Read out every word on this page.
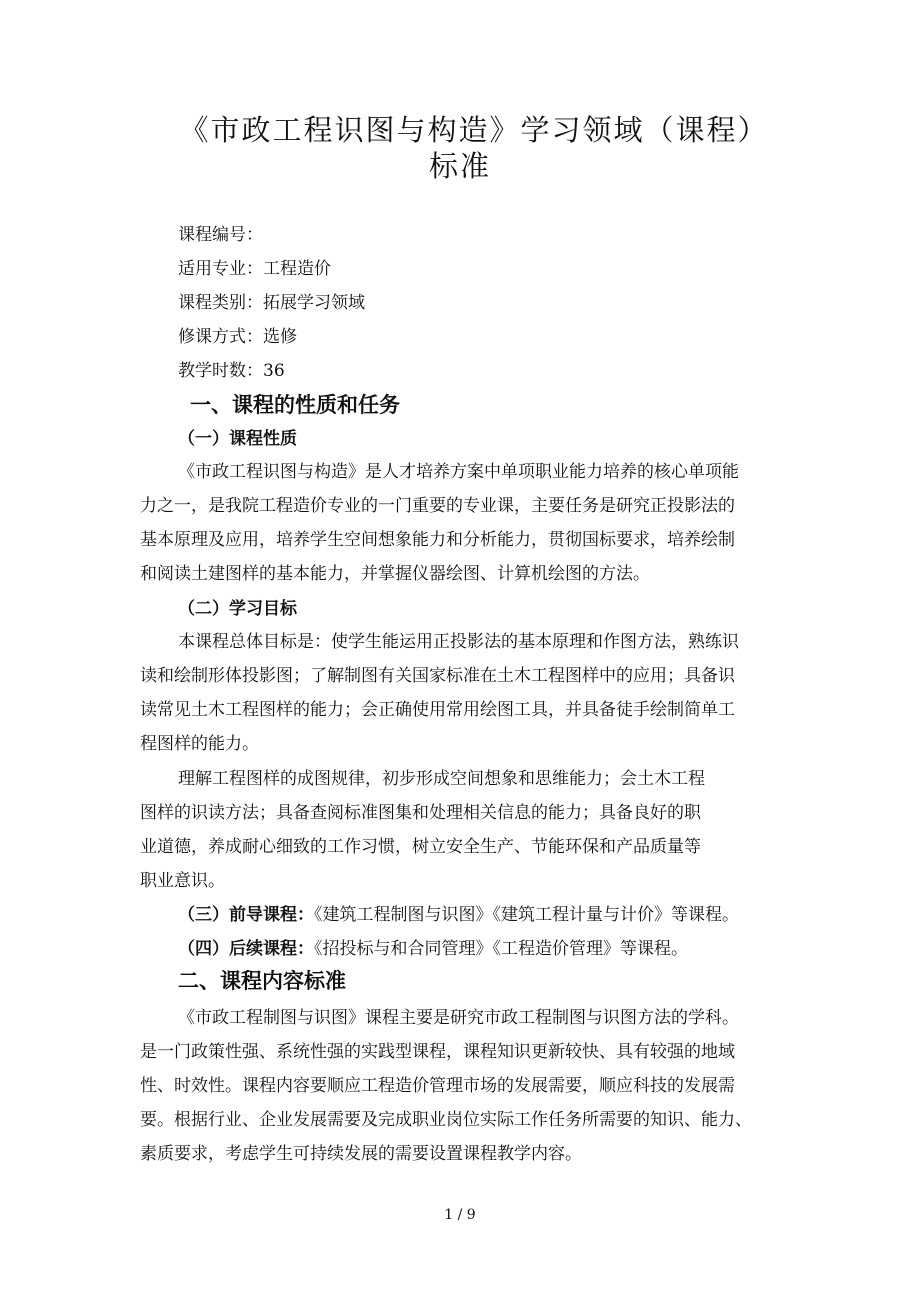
《市政工程识图与构造》学习领域（课程）
标准
课程编号：
适用专业：工程造价
课程类别：拓展学习领域
修课方式：选修
教学时数：36
一、课程的性质和任务
（一）课程性质
《市政工程识图与构造》是人才培养方案中单项职业能力培养的核心单项能
力之一，是我院工程造价专业的一门重要的专业课，主要任务是研究正投影法的
基本原理及应用，培养学生空间想象能力和分析能力，贯彻国标要求，培养绘制
和阅读土建图样的基本能力，并掌握仪器绘图、计算机绘图的方法。
（二）学习目标
本课程总体目标是：使学生能运用正投影法的基本原理和作图方法，熟练识
读和绘制形体投影图；了解制图有关国家标准在土木工程图样中的应用；具备识
读常见土木工程图样的能力；会正确使用常用绘图工具，并具备徒手绘制简单工
程图样的能力。
理解工程图样的成图规律，初步形成空间想象和思维能力；会土木工程
图样的识读方法；具备查阅标准图集和处理相关信息的能力；具备良好的职
业道德，养成耐心细致的工作习惯，树立安全生产、节能环保和产品质量等
职业意识。
（三）前导课程：《建筑工程制图与识图》《建筑工程计量与计价》等课程。
（四）后续课程：《招投标与和合同管理》《工程造价管理》等课程。
二、课程内容标准
《市政工程制图与识图》课程主要是研究市政工程制图与识图方法的学科。
是一门政策性强、系统性强的实践型课程，课程知识更新较快、具有较强的地域
性、时效性。课程内容要顺应工程造价管理市场的发展需要，顺应科技的发展需
要。根据行业、企业发展需要及完成职业岗位实际工作任务所需要的知识、能力、
素质要求，考虑学生可持续发展的需要设置课程教学内容。
1 / 9
